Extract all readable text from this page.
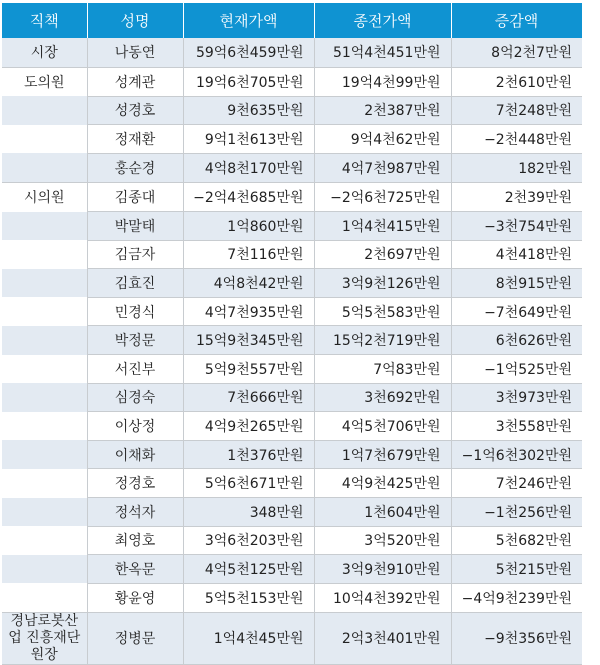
직책	성명	현재가액	종전가액	증감액
시장	나동연	59억6천459만원	51억4천451만원	8억2천7만원
도의원	성계관	19억6천705만원	19억4천99만원	2천610만원
	성경호	9천635만원	2천387만원	7천248만원
	정재환	9억1천613만원	9억4천62만원	−2천448만원
	홍순경	4억8천170만원	4억7천987만원	182만원
시의원	김종대	−2억4천685만원	−2억6천725만원	2천39만원
	박말태	1억860만원	1억4천415만원	−3천754만원
	김금자	7천116만원	2천697만원	4천418만원
	김효진	4억8천42만원	3억9천126만원	8천915만원
	민경식	4억7천935만원	5억5천583만원	−7천649만원
	박정문	15억9천345만원	15억2천719만원	6천626만원
	서진부	5억9천557만원	7억83만원	−1억525만원
	심경숙	7천666만원	3천692만원	3천973만원
	이상정	4억9천265만원	4억5천706만원	3천558만원
	이채화	1천376만원	1억7천679만원	−1억6천302만원
	정경호	5억6천671만원	4억9천425만원	7천246만원
	정석자	348만원	1천604만원	−1천256만원
	최영호	3억6천203만원	3억520만원	5천682만원
	한옥문	4억5천125만원	3억9천910만원	5천215만원
	황윤영	5억5천153만원	10억4천392만원	−4억9천239만원
경남로봇산업 진흥재단원장	정병문	1억4천45만원	2억3천401만원	−9천356만원
